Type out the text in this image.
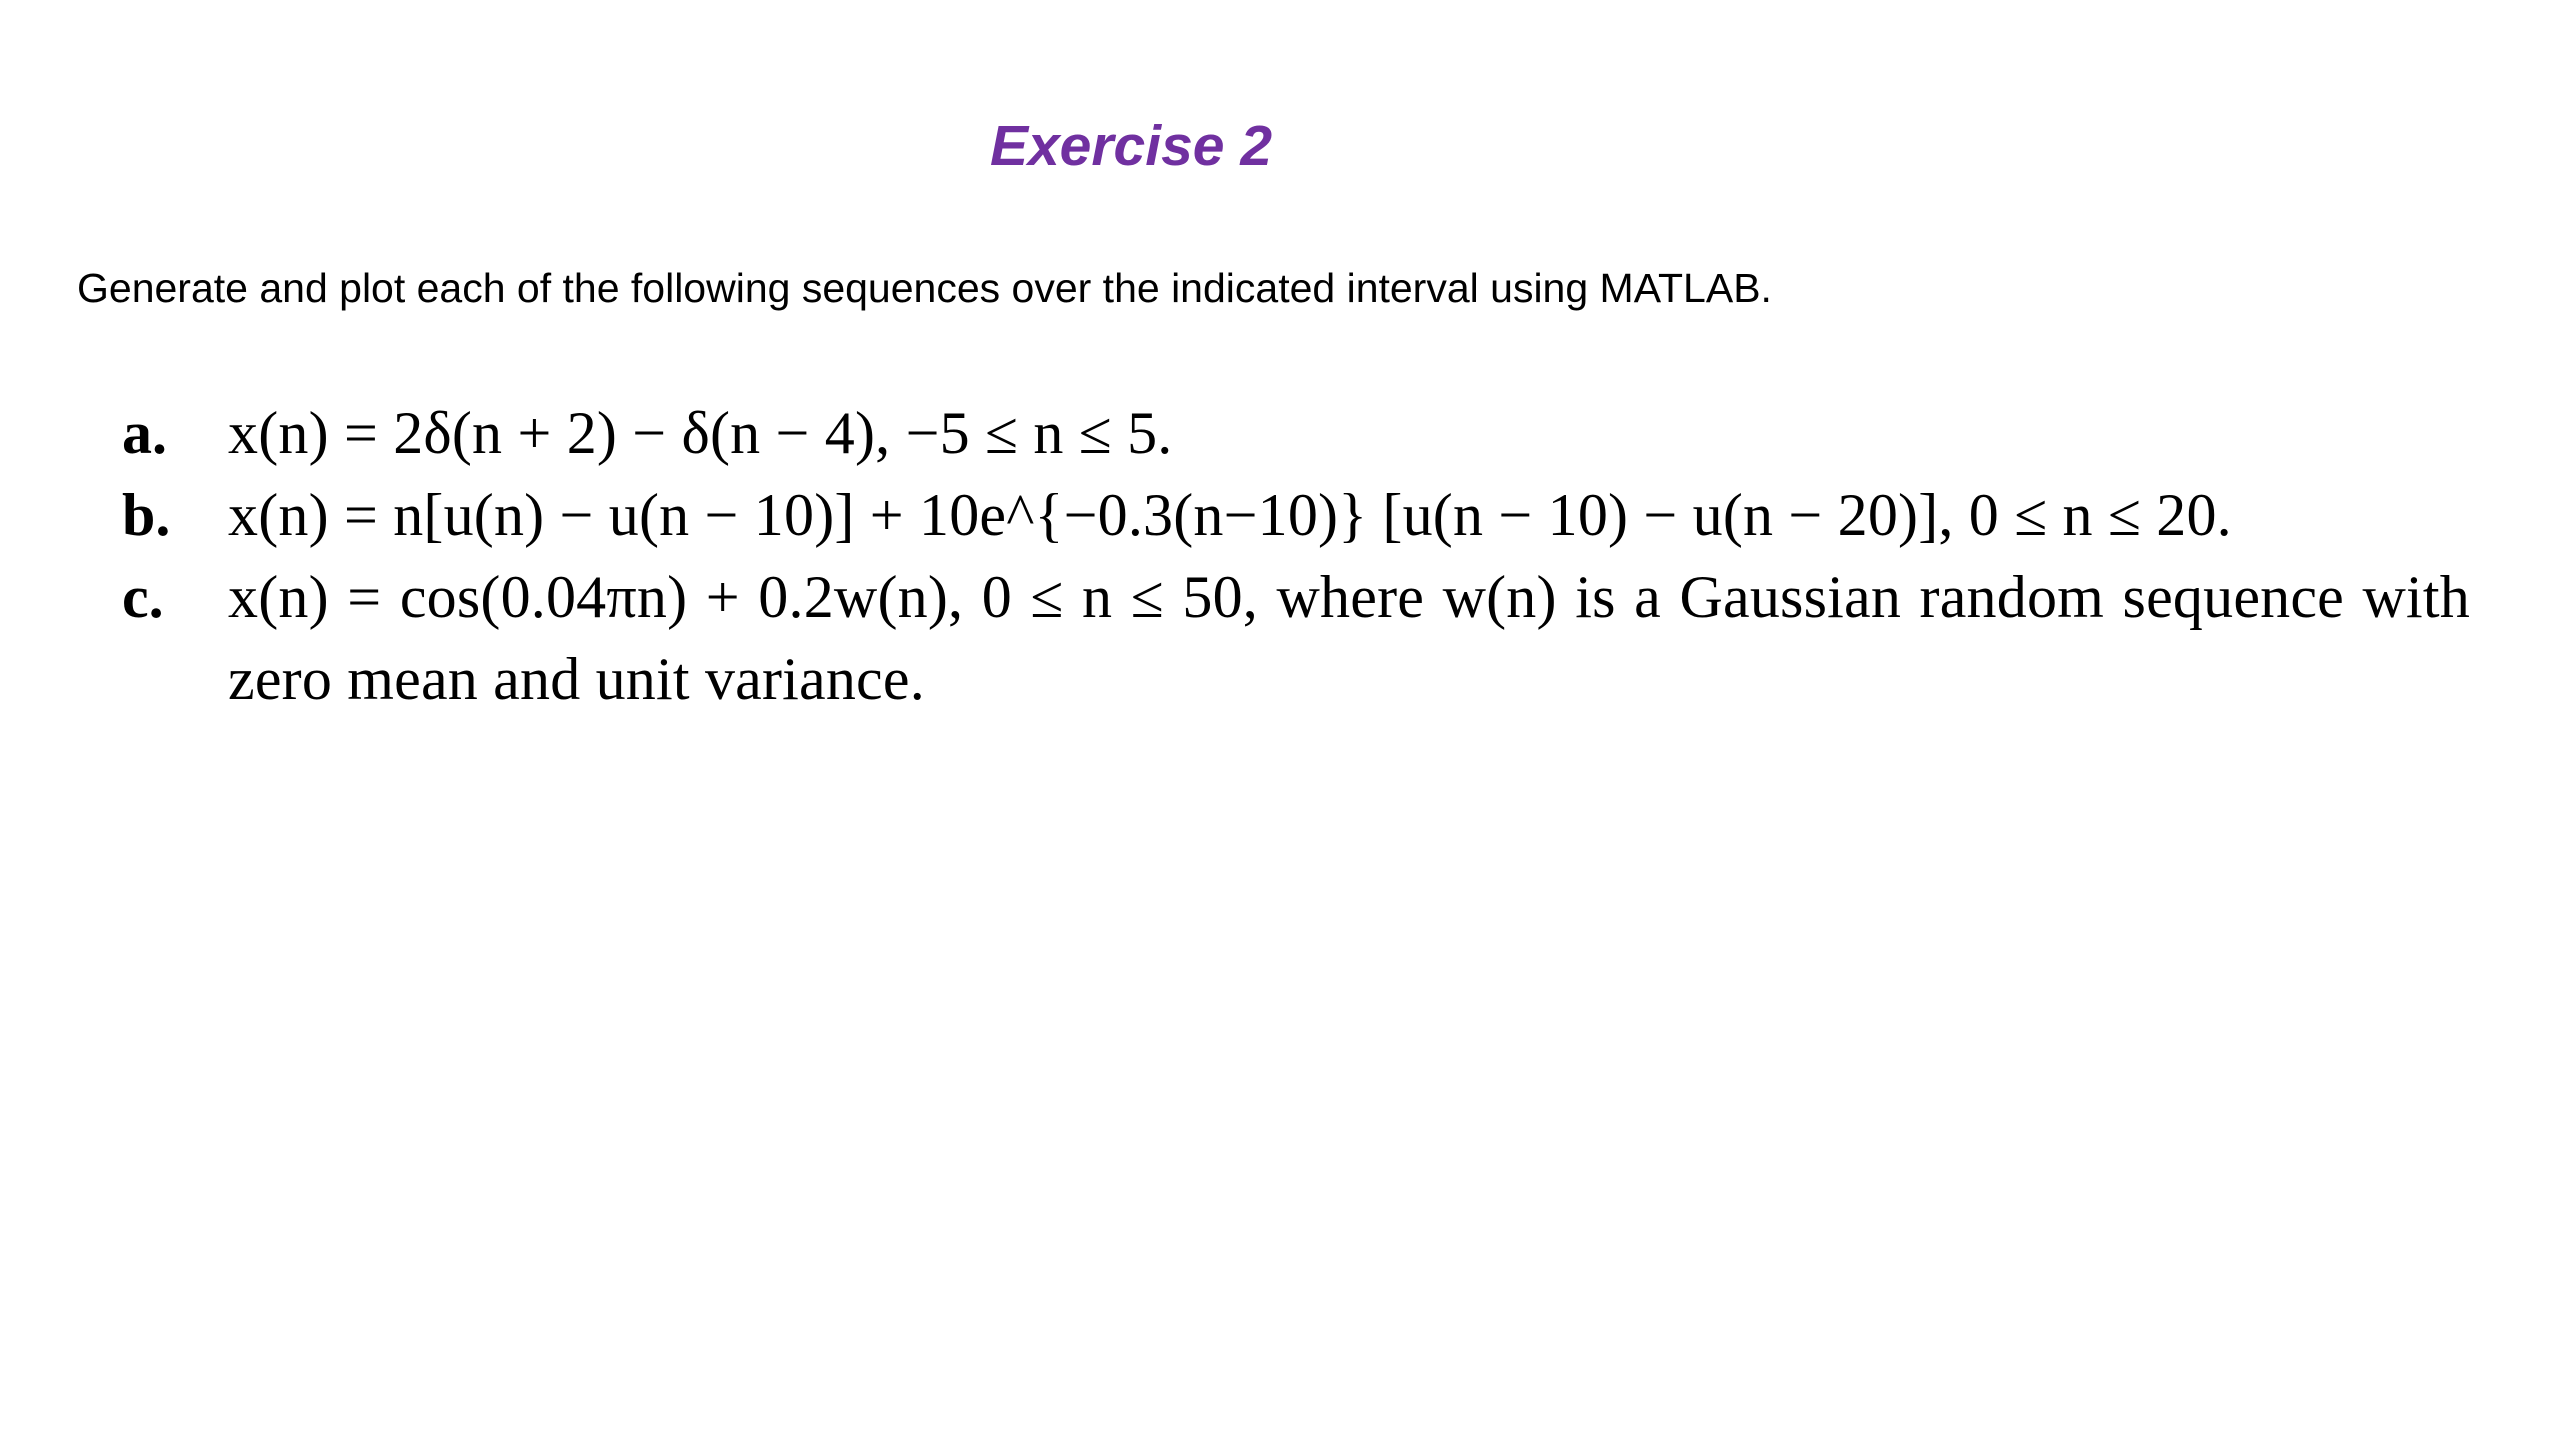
Exercise 2
Generate and plot each of the following sequences over the indicated interval using MATLAB.
a. x(n) = 2δ(n + 2) − δ(n − 4), −5 ≤ n ≤ 5.
b. x(n) = n[u(n) − u(n − 10)] + 10e^{−0.3(n−10)} [u(n − 10) − u(n − 20)], 0 ≤ n ≤ 20.
c. x(n) = cos(0.04πn) + 0.2w(n), 0 ≤ n ≤ 50, where w(n) is a Gaussian random sequence with zero mean and unit variance.
